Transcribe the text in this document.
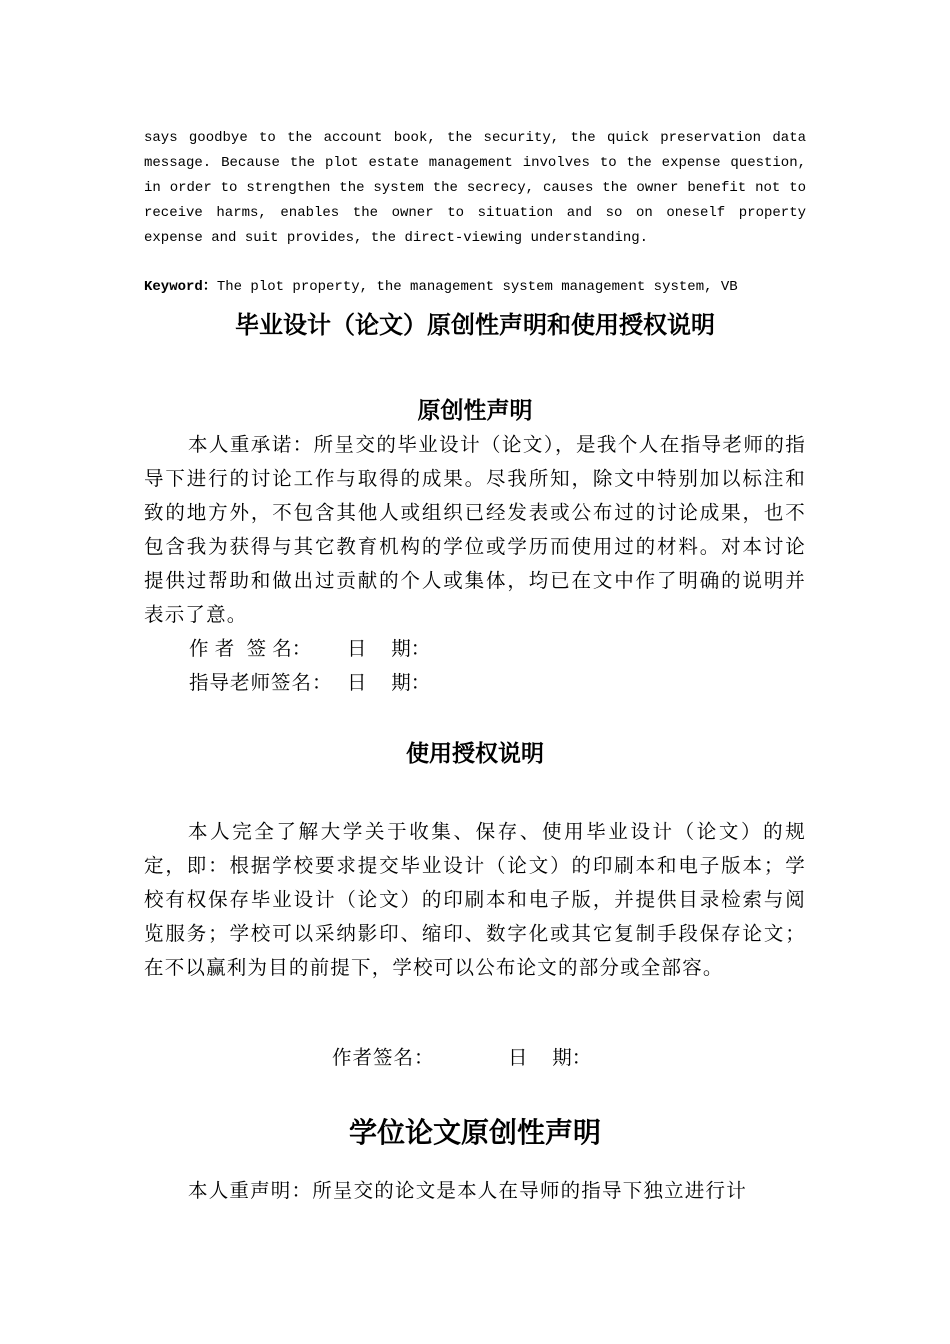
says goodbye to the account book, the security, the quick preservation data message. Because the plot estate management involves to the expense question, in order to strengthen the system the secrecy, causes the owner benefit not to receive harms, enables the owner to situation and so on oneself property expense and suit provides, the direct-viewing understanding.

Keyword：The plot property, the management system management system, VB

毕业设计（论文）原创性声明和使用授权说明
原创性声明

本人重承诺：所呈交的毕业设计（论文），是我个人在指导老师的指导下进行的讨论工作与取得的成果。尽我所知，除文中特别加以标注和致的地方外，不包含其他人或组织已经发表或公布过的讨论成果，也不包含我为获得与其它教育机构的学位或学历而使用过的材料。对本讨论提供过帮助和做出过贡献的个人或集体，均已在文中作了明确的说明并表示了意。

作 者  签 名： 日    期：

指导老师签名： 日    期：

使用授权说明

本人完全了解大学关于收集、保存、使用毕业设计（论文）的规定，即：根据学校要求提交毕业设计（论文）的印刷本和电子版本；学校有权保存毕业设计（论文）的印刷本和电子版，并提供目录检索与阅览服务；学校可以采纳影印、缩印、数字化或其它复制手段保存论文；在不以赢利为目的前提下，学校可以公布论文的部分或全部容。

作者签名：	日    期：

学位论文原创性声明

本人重声明：所呈交的论文是本人在导师的指导下独立进行计
